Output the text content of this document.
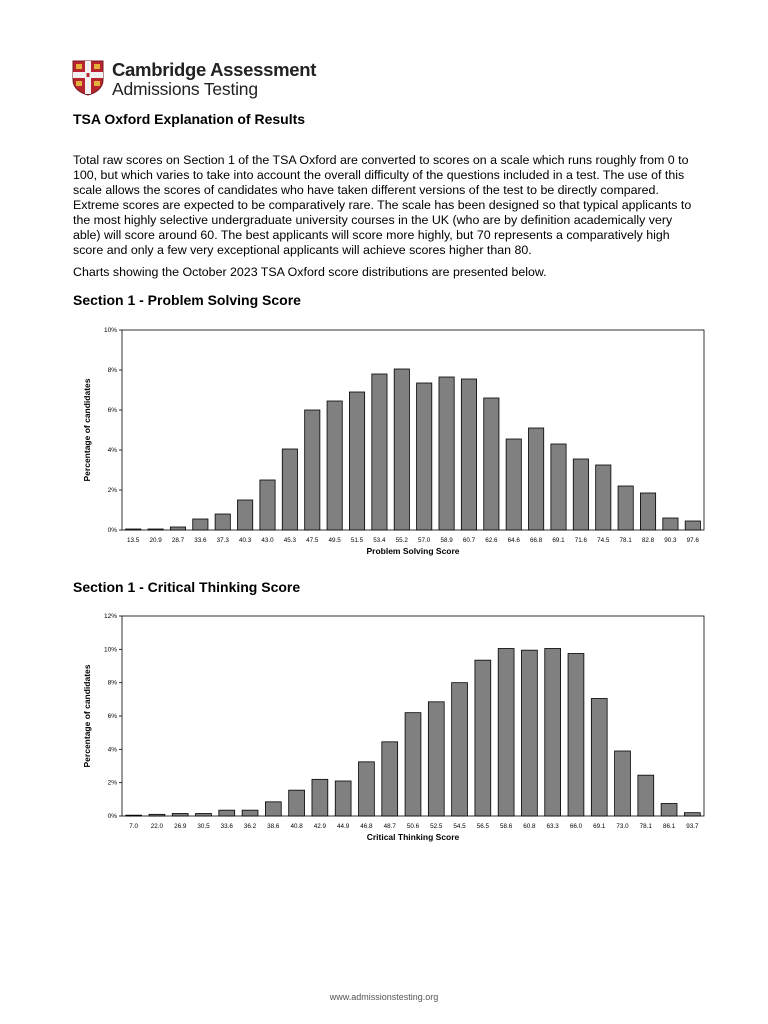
Cambridge Assessment
Admissions Testing
TSA Oxford Explanation of Results

Total raw scores on Section 1 of the TSA Oxford are converted to scores on a scale which runs roughly from 0 to 100, but which varies to take into account the overall difficulty of the questions included in a test. The use of this scale allows the scores of candidates who have taken different versions of the test to be directly compared. Extreme scores are expected to be comparatively rare. The scale has been designed so that typical applicants to the most highly selective undergraduate university courses in the UK (who are by definition academically very able) will score around 60. The best applicants will score more highly, but 70 represents a comparatively high score and only a few very exceptional applicants will achieve scores higher than 80.

Charts showing the October 2023 TSA Oxford score distributions are presented below.

Section 1 - Problem Solving Score
0%
2%
4%
6%
8%
10%
13.5 20.9 28.7 33.6 37.3 40.3 43.0 45.3 47.5 49.5 51.5 53.4 55.2 57.0 58.9 60.7 62.6 64.6 66.8 69.1 71.6 74.5 78.1 82.8 90.3 97.6
Problem Solving Score
Percentage of candidates
Section 1 - Critical Thinking Score
0%
2%
4%
6%
8%
10%
12%
7.0 22.0 26.9 30.5 33.6 36.2 38.6 40.8 42.9 44.9 46.8 48.7 50.6 52.5 54.5 56.5 58.6 60.8 63.3 66.0 69.1 73.0 78.1 86.1 93.7
Critical Thinking Score
Percentage of candidates
www.admissionstesting.org
